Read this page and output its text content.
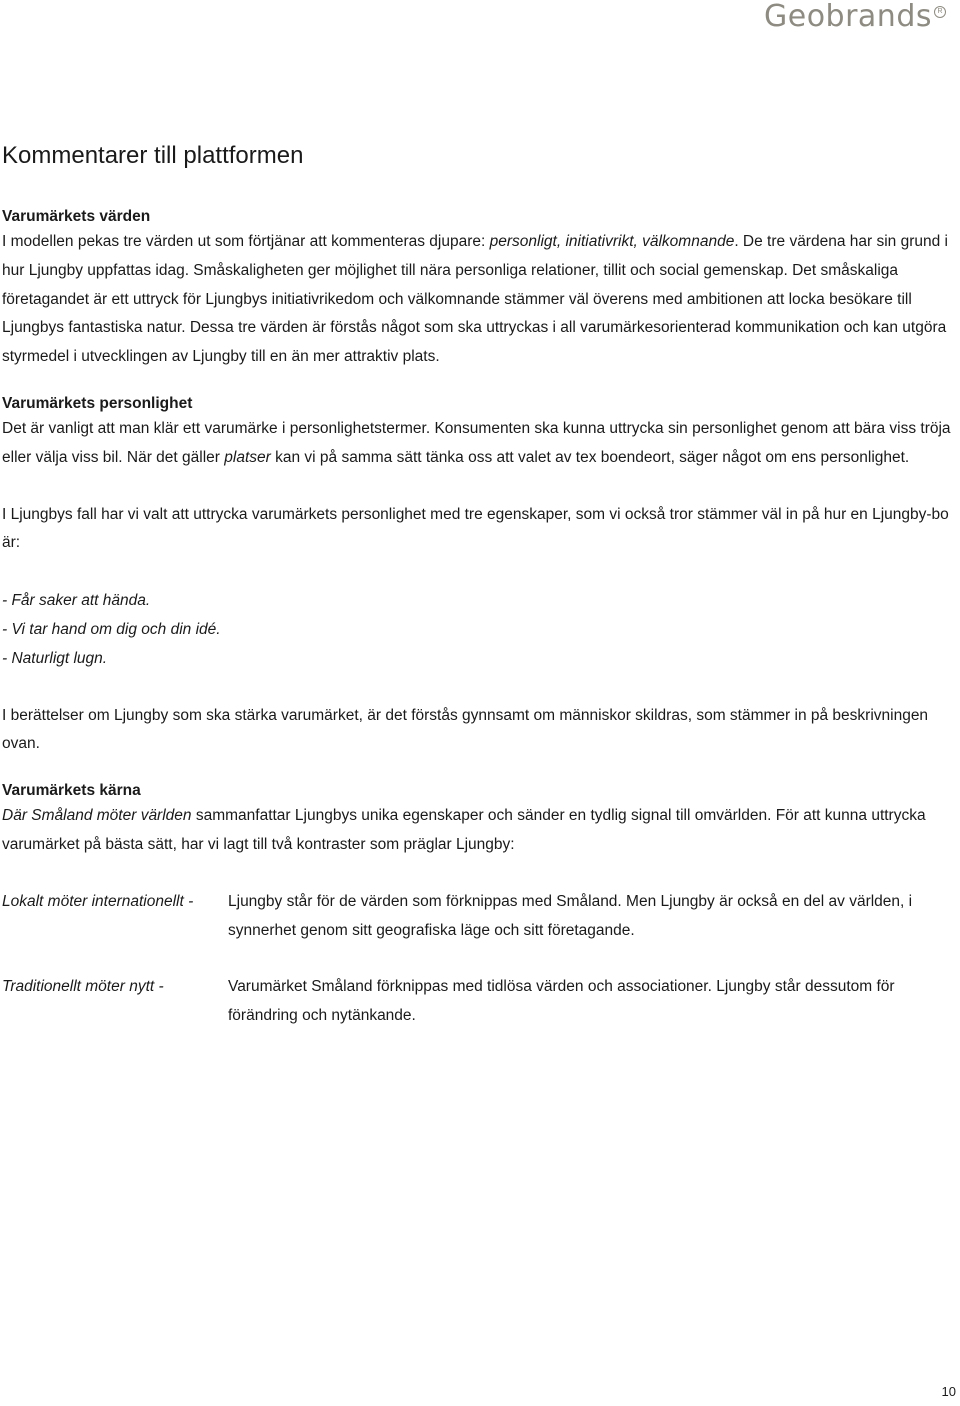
Geobrands R
Kommentarer till plattformen
Varumärkets värden

I modellen pekas tre värden ut som förtjänar att kommenteras djupare: personligt, initiativrikt, välkomnande. De tre värdena har sin grund i hur Ljungby uppfattas idag. Småskaligheten ger möjlighet till nära personliga relationer, tillit och social gemenskap. Det småskaliga företagandet är ett uttryck för Ljungbys initiativrikedom och välkomnande stämmer väl överens med ambitionen att locka besökare till Ljungbys fantastiska natur. Dessa tre värden är förstås något som ska uttryckas i all varumärkesorienterad kommunikation och kan utgöra styrmedel i utvecklingen av Ljungby till en än mer attraktiv plats.

Varumärkets personlighet

Det är vanligt att man klär ett varumärke i personlighetstermer. Konsumenten ska kunna uttrycka sin personlighet genom att bära viss tröja eller välja viss bil. När det gäller platser kan vi på samma sätt tänka oss att valet av tex boendeort, säger något om ens personlighet.

I Ljungbys fall har vi valt att uttrycka varumärkets personlighet med tre egenskaper, som vi också tror stämmer väl in på hur en Ljungby-bo är:

- Får saker att hända.
- Vi tar hand om dig och din idé.
- Naturligt lugn.

I berättelser om Ljungby som ska stärka varumärket, är det förstås gynnsamt om människor skildras, som stämmer in på beskrivningen ovan.

Varumärkets kärna

Där Småland möter världen sammanfattar Ljungbys unika egenskaper och sänder en tydlig signal till omvärlden. För att kunna uttrycka varumärket på bästa sätt, har vi lagt till två kontraster som präglar Ljungby:

Lokalt möter internationellt -	Ljungby står för de värden som förknippas med Småland. Men Ljungby är också en del av världen, i synnerhet genom sitt geografiska läge och sitt företagande.
Traditionellt möter nytt -	Varumärket Småland förknippas med tidlösa värden och associationer. Ljungby står dessutom för förändring och nytänkande.
10
